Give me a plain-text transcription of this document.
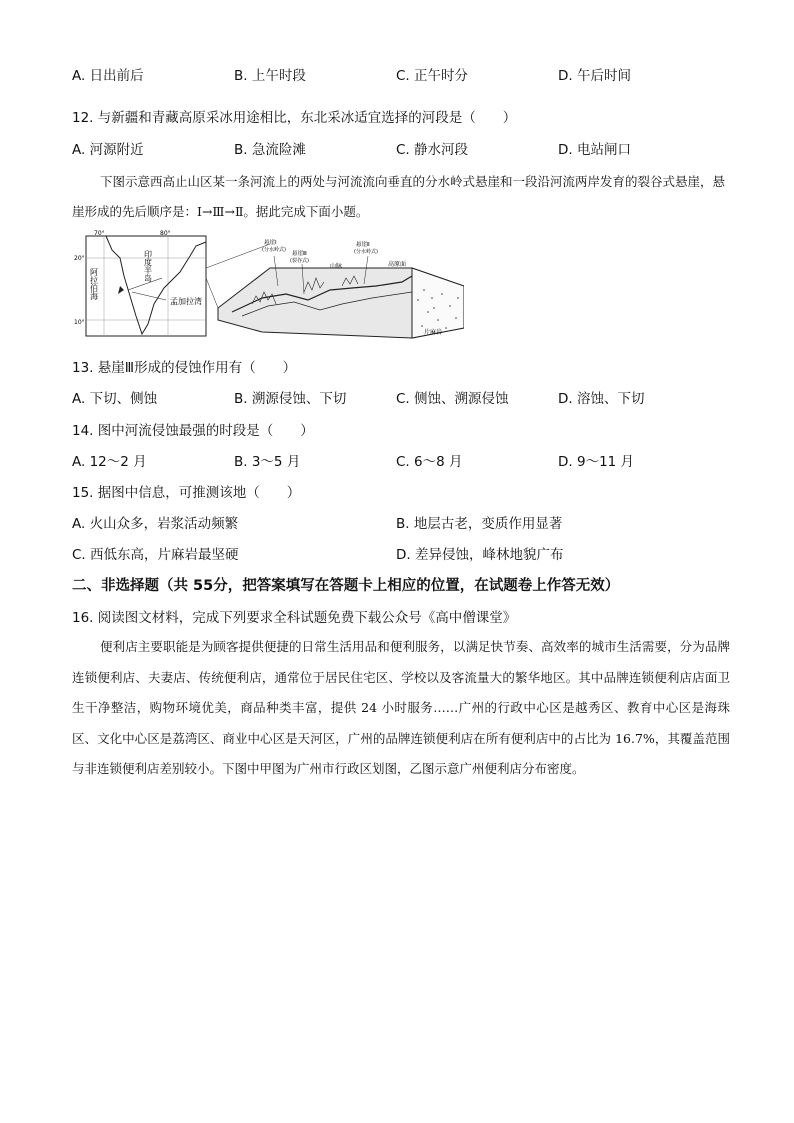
A. 日出前后	B. 上午时段	C. 正午时分	D. 午后时间
12. 与新疆和青藏高原采冰用途相比，东北采冰适宜选择的河段是（　　）
A. 河源附近	B. 急流险滩	C. 静水河段	D. 电站闸口

下图示意西高止山区某一条河流上的两处与河流流向垂直的分水岭式悬崖和一段沿河流两岸发育的裂谷式悬崖，悬崖形成的先后顺序是：Ⅰ→Ⅲ→Ⅱ。据此完成下面小题。

70°	80°
20°
10°
阿拉伯海
印度半岛
孟加拉湾
悬崖Ⅰ
(分水岭式)
悬崖Ⅲ
(裂谷式)
悬崖Ⅱ
(分水岭式)
山脉	高原面
片麻岩
13. 悬崖Ⅲ形成的侵蚀作用有（　　）
A. 下切、侧蚀	B. 溯源侵蚀、下切	C. 侧蚀、溯源侵蚀	D. 溶蚀、下切
14. 图中河流侵蚀最强的时段是（　　）
A. 12～2 月	B. 3～5 月	C. 6～8 月	D. 9～11 月
15. 据图中信息，可推测该地（　　）
A. 火山众多，岩浆活动频繁	B. 地层古老，变质作用显著
C. 西低东高，片麻岩最坚硬	D. 差异侵蚀，峰林地貌广布
二、非选择题（共 55分，把答案填写在答题卡上相应的位置，在试题卷上作答无效）
16. 阅读图文材料，完成下列要求全科试题免费下载公众号《高中僧课堂》

便利店主要职能是为顾客提供便捷的日常生活用品和便利服务，以满足快节奏、高效率的城市生活需要，分为品牌连锁便利店、夫妻店、传统便利店，通常位于居民住宅区、学校以及客流量大的繁华地区。其中品牌连锁便利店店面卫生干净整洁，购物环境优美，商品种类丰富，提供 24 小时服务……广州的行政中心区是越秀区、教育中心区是海珠区、文化中心区是荔湾区、商业中心区是天河区，广州的品牌连锁便利店在所有便利店中的占比为 16.7%，其覆盖范围与非连锁便利店差别较小。下图中甲图为广州市行政区划图，乙图示意广州便利店分布密度。
